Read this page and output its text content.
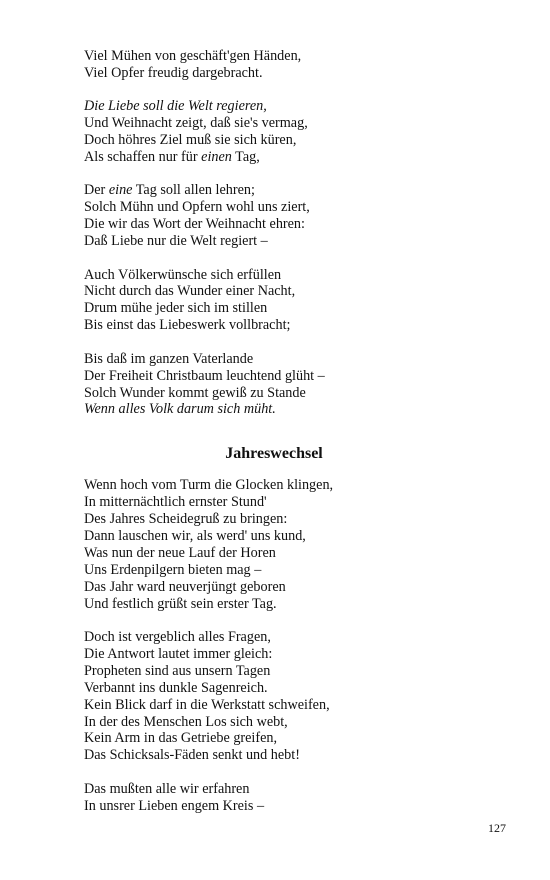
Viel Mühen von geschäft'gen Händen,
Viel Opfer freudig dargebracht.
Die Liebe soll die Welt regieren,
Und Weihnacht zeigt, daß sie's vermag,
Doch höhres Ziel muß sie sich küren,
Als schaffen nur für einen Tag,
Der eine Tag soll allen lehren;
Solch Mühn und Opfern wohl uns ziert,
Die wir das Wort der Weihnacht ehren:
Daß Liebe nur die Welt regiert –
Auch Völkerwünsche sich erfüllen
Nicht durch das Wunder einer Nacht,
Drum mühe jeder sich im stillen
Bis einst das Liebeswerk vollbracht;
Bis daß im ganzen Vaterlande
Der Freiheit Christbaum leuchtend glüht –
Solch Wunder kommt gewiß zu Stande
Wenn alles Volk darum sich müht.
Jahreswechsel
Wenn hoch vom Turm die Glocken klingen,
In mitternächtlich ernster Stund'
Des Jahres Scheidegruß zu bringen:
Dann lauschen wir, als werd' uns kund,
Was nun der neue Lauf der Horen
Uns Erdenpilgern bieten mag –
Das Jahr ward neuverjüngt geboren
Und festlich grüßt sein erster Tag.
Doch ist vergeblich alles Fragen,
Die Antwort lautet immer gleich:
Propheten sind aus unsern Tagen
Verbannt ins dunkle Sagenreich.
Kein Blick darf in die Werkstatt schweifen,
In der des Menschen Los sich webt,
Kein Arm in das Getriebe greifen,
Das Schicksals-Fäden senkt und hebt!
Das mußten alle wir erfahren
In unsrer Lieben engem Kreis –
127
